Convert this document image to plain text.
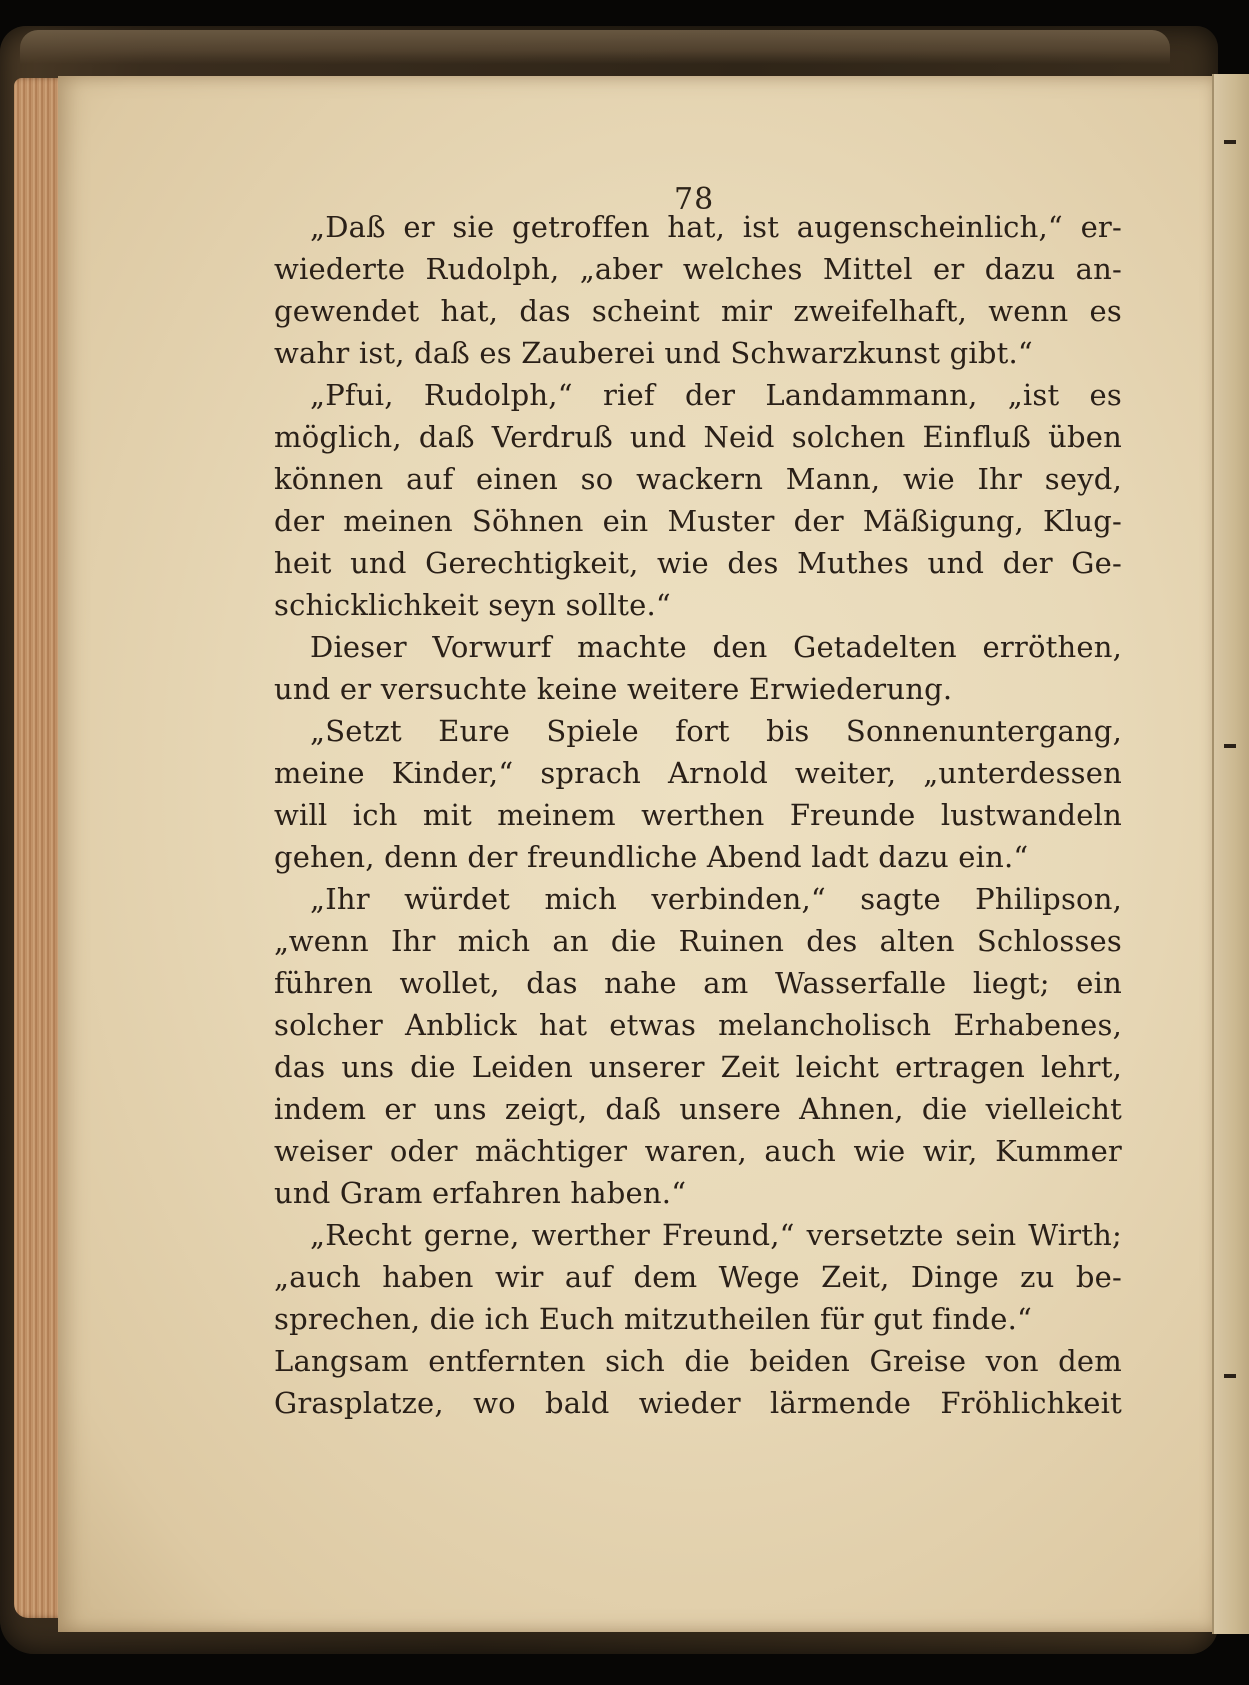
78
„Daß er sie getroffen hat, ist augenscheinlich,“ er-
wiederte Rudolph, „aber welches Mittel er dazu an-
gewendet hat, das scheint mir zweifelhaft, wenn es
wahr ist, daß es Zauberei und Schwarzkunst gibt.“
„Pfui, Rudolph,“ rief der Landammann, „ist es
möglich, daß Verdruß und Neid solchen Einfluß üben
können auf einen so wackern Mann, wie Ihr seyd,
der meinen Söhnen ein Muster der Mäßigung, Klug-
heit und Gerechtigkeit, wie des Muthes und der Ge-
schicklichkeit seyn sollte.“
Dieser Vorwurf machte den Getadelten erröthen,
und er versuchte keine weitere Erwiederung.
„Setzt Eure Spiele fort bis Sonnenuntergang,
meine Kinder,“ sprach Arnold weiter, „unterdessen
will ich mit meinem werthen Freunde lustwandeln
gehen, denn der freundliche Abend ladt dazu ein.“
„Ihr würdet mich verbinden,“ sagte Philipson,
„wenn Ihr mich an die Ruinen des alten Schlosses
führen wollet, das nahe am Wasserfalle liegt; ein
solcher Anblick hat etwas melancholisch Erhabenes,
das uns die Leiden unserer Zeit leicht ertragen lehrt,
indem er uns zeigt, daß unsere Ahnen, die vielleicht
weiser oder mächtiger waren, auch wie wir, Kummer
und Gram erfahren haben.“
„Recht gerne, werther Freund,“ versetzte sein Wirth;
„auch haben wir auf dem Wege Zeit, Dinge zu be-
sprechen, die ich Euch mitzutheilen für gut finde.“
Langsam entfernten sich die beiden Greise von dem
Grasplatze, wo bald wieder lärmende Fröhlichkeit
